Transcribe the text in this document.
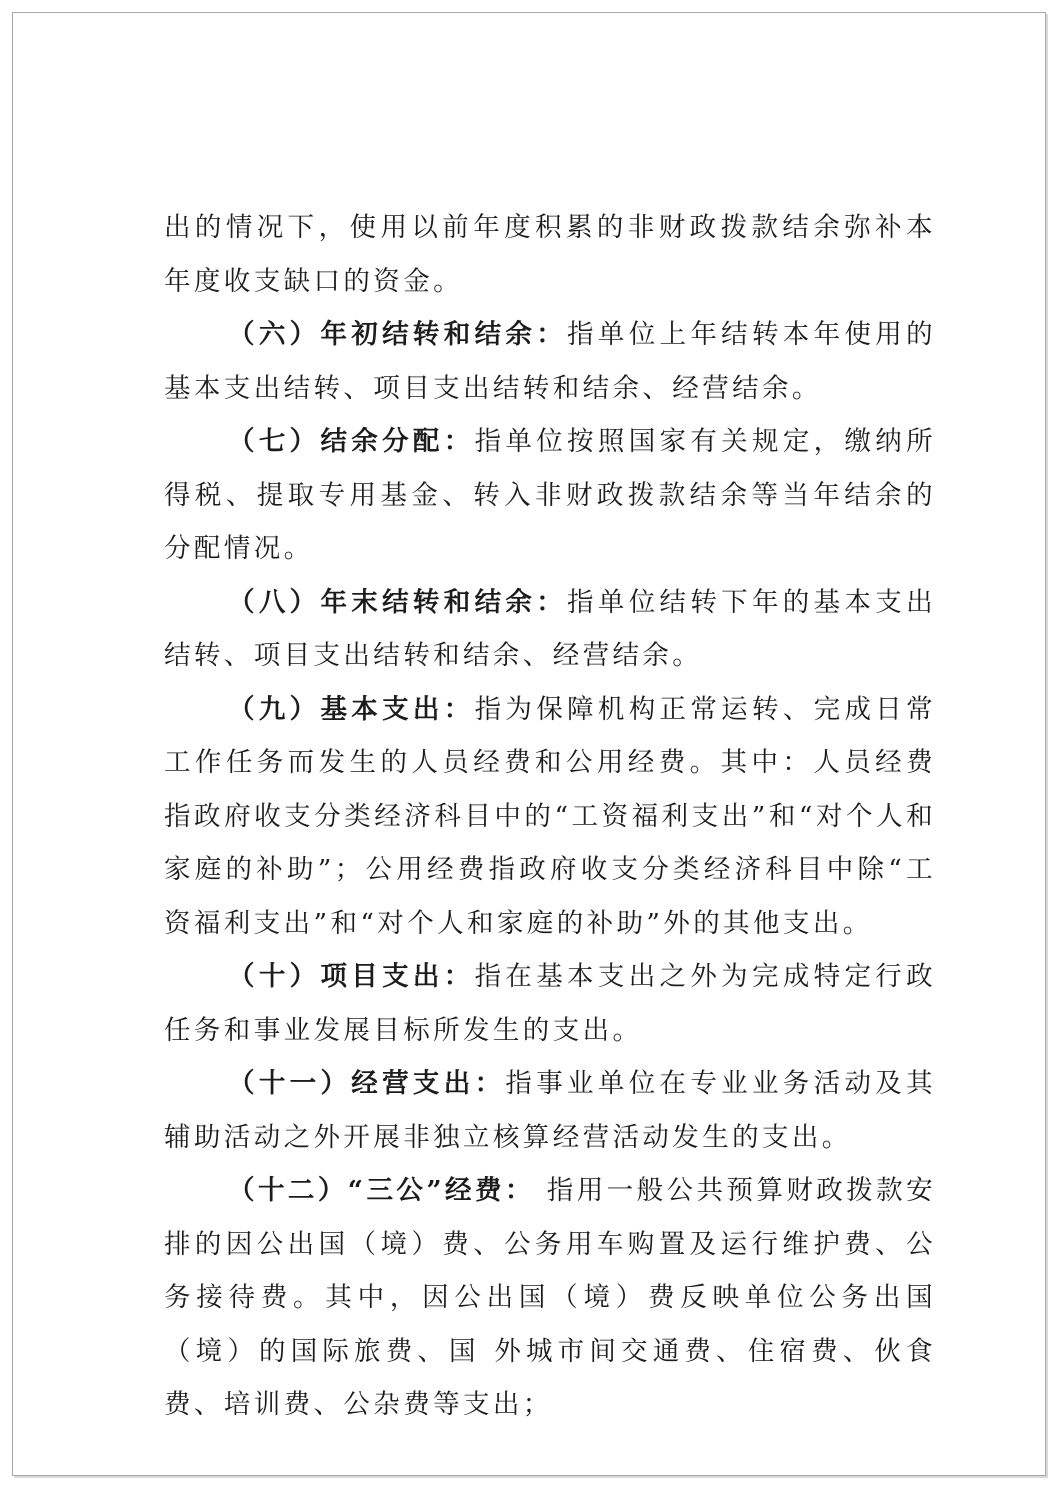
出的情况下，使用以前年度积累的非财政拨款结余弥补本年度收支缺口的资金。

（六）年初结转和结余：指单位上年结转本年使用的基本支出结转、项目支出结转和结余、经营结余。

（七）结余分配：指单位按照国家有关规定，缴纳所得税、提取专用基金、转入非财政拨款结余等当年结余的分配情况。

（八）年末结转和结余：指单位结转下年的基本支出结转、项目支出结转和结余、经营结余。

（九）基本支出：指为保障机构正常运转、完成日常工作任务而发生的人员经费和公用经费。其中：人员经费指政府收支分类经济科目中的“工资福利支出”和“对个人和家庭的补助”；公用经费指政府收支分类经济科目中除“工资福利支出”和“对个人和家庭的补助”外的其他支出。

（十）项目支出：指在基本支出之外为完成特定行政任务和事业发展目标所发生的支出。

（十一）经营支出：指事业单位在专业业务活动及其辅助活动之外开展非独立核算经营活动发生的支出。

（十二）“三公”经费： 指用一般公共预算财政拨款安排的因公出国（境）费、公务用车购置及运行维护费、公务接待费。其中，因公出国（境）费反映单位公务出国（境）的国际旅费、国 外城市间交通费、住宿费、伙食费、培训费、公杂费等支出；
